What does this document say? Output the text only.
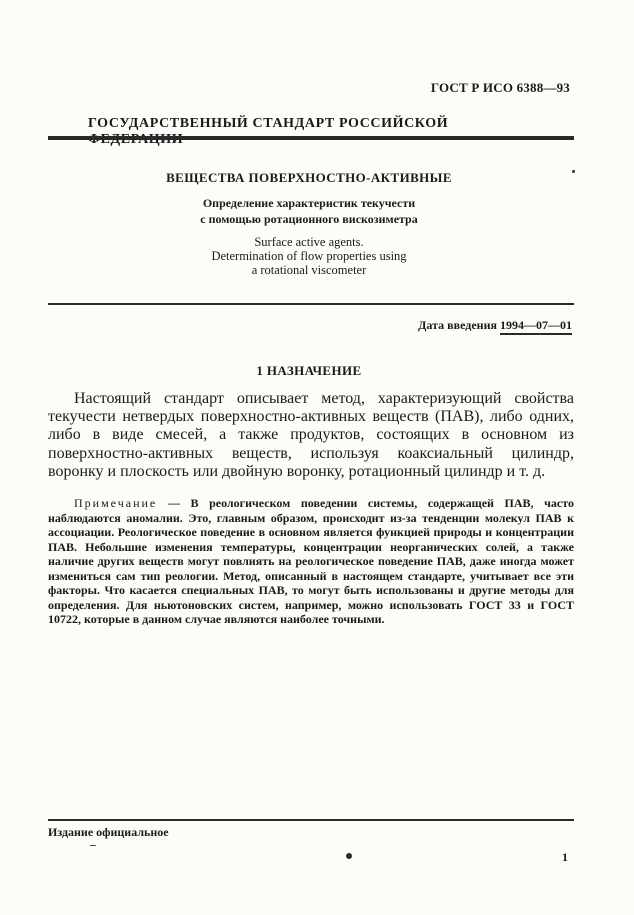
ГОСТ Р ИСО 6388—93
ГОСУДАРСТВЕННЫЙ СТАНДАРТ РОССИЙСКОЙ
ВЕЩЕСТВА ПОВЕРХНОСТНО-АКТИВНЫЕ
Определение характеристик текучести
с помощью ротационного вискозиметра
Surface active agents.
Determination of flow properties using
a rotational viscometer
Дата введения 1994—07—01
1 НАЗНАЧЕНИЕ

Настоящий стандарт описывает метод, характеризующий свойства текучести нетвердых поверхностно-активных веществ (ПАВ), либо одних, либо в виде смесей, а также продуктов, состоящих в основном из поверхностно-активных веществ, используя коаксиальный цилиндр, воронку и плоскость или двойную воронку, ротационный цилиндр и т. д.

Примечание — В реологическом поведении системы, содержащей ПАВ, часто наблюдаются аномалии. Это, главным образом, происходит из-за тенденции молекул ПАВ к ассоциации. Реологическое поведение в основном является функцией природы и концентрации ПАВ. Небольшие изменения температуры, концентрации неорганических солей, а также наличие других веществ могут повлиять на реологическое поведение ПАВ, даже иногда может измениться сам тип реологии. Метод, описанный в настоящем стандарте, учитывает все эти факторы. Что касается специальных ПАВ, то могут быть использованы и другие методы для определения. Для ньютоновских систем, например, можно использовать ГОСТ 33 и ГОСТ 10722, которые в данном случае являются наиболее точными.

Издание официальное
1
